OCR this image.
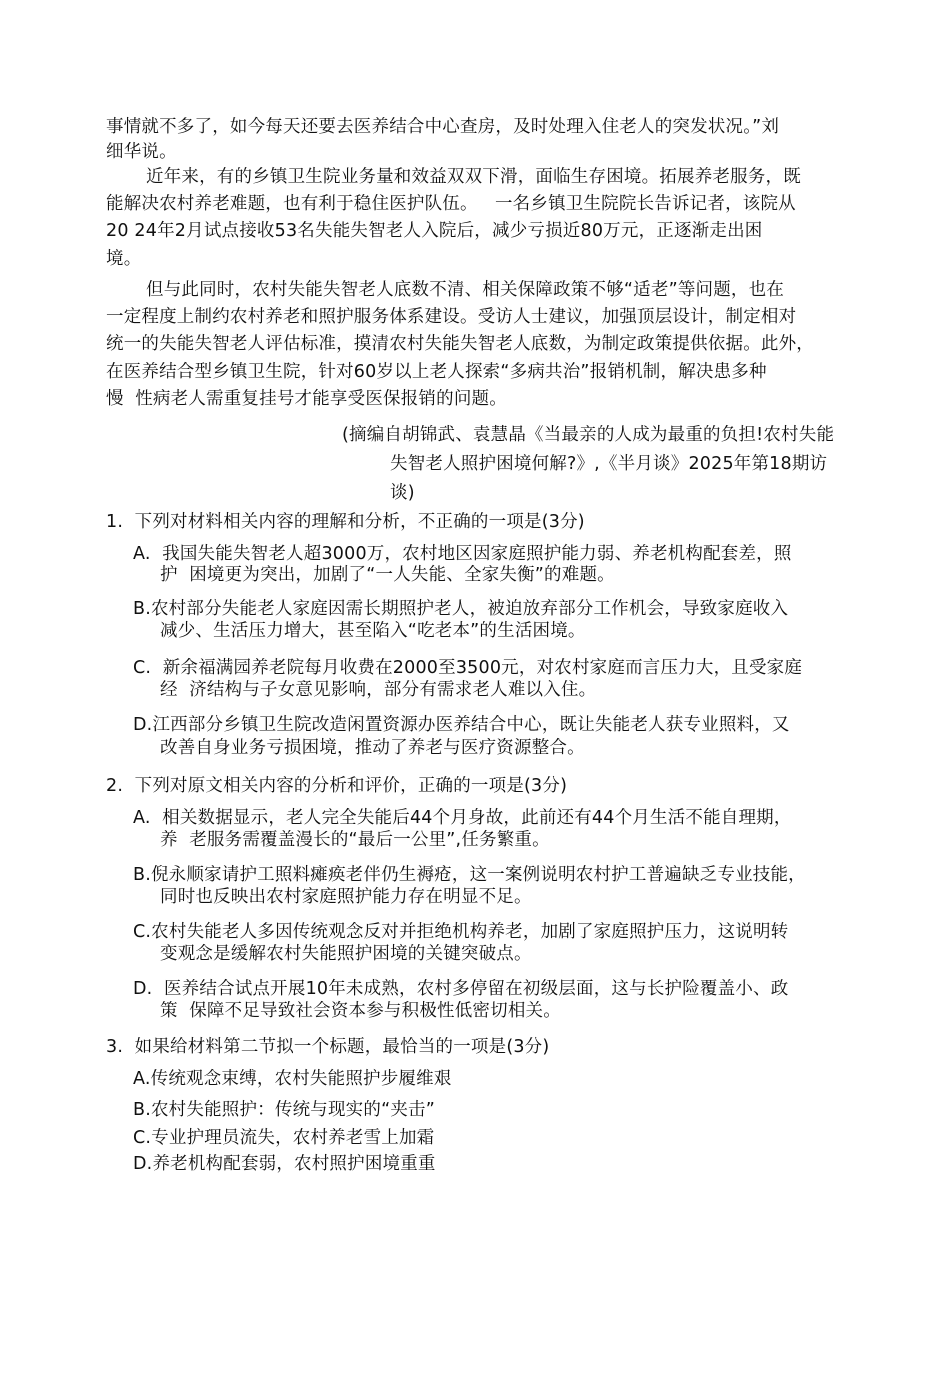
事情就不多了，如今每天还要去医养结合中心查房，及时处理入住老人的突发状况。”刘
细华说。
近年来，有的乡镇卫生院业务量和效益双双下滑，面临生存困境。拓展养老服务，既
能解决农村养老难题，也有利于稳住医护队伍。   一名乡镇卫生院院长告诉记者，该院从
20 24年2月试点接收53名失能失智老人入院后，减少亏损近80万元，正逐渐走出困
境。
但与此同时，农村失能失智老人底数不清、相关保障政策不够“适老”等问题，也在
一定程度上制约农村养老和照护服务体系建设。受访人士建议，加强顶层设计，制定相对
统一的失能失智老人评估标准，摸清农村失能失智老人底数，为制定政策提供依据。此外，
在医养结合型乡镇卫生院，针对60岁以上老人探索“多病共治”报销机制，解决患多种
慢  性病老人需重复挂号才能享受医保报销的问题。
(摘编自胡锦武、袁慧晶《当最亲的人成为最重的负担!农村失能
失智老人照护困境何解?》,《半月谈》2025年第18期访
谈)
1.  下列对材料相关内容的理解和分析，不正确的一项是(3分)
A.  我国失能失智老人超3000万，农村地区因家庭照护能力弱、养老机构配套差，照
护  困境更为突出，加剧了“一人失能、全家失衡”的难题。
B.农村部分失能老人家庭因需长期照护老人，被迫放弃部分工作机会，导致家庭收入
减少、生活压力增大，甚至陷入“吃老本”的生活困境。
C.  新余福满园养老院每月收费在2000至3500元，对农村家庭而言压力大，且受家庭
经  济结构与子女意见影响，部分有需求老人难以入住。
D.江西部分乡镇卫生院改造闲置资源办医养结合中心，既让失能老人获专业照料，又
改善自身业务亏损困境，推动了养老与医疗资源整合。
2.  下列对原文相关内容的分析和评价，正确的一项是(3分)
A.  相关数据显示，老人完全失能后44个月身故，此前还有44个月生活不能自理期，
养  老服务需覆盖漫长的“最后一公里”,任务繁重。
B.倪永顺家请护工照料瘫痪老伴仍生褥疮，这一案例说明农村护工普遍缺乏专业技能，
同时也反映出农村家庭照护能力存在明显不足。
C.农村失能老人多因传统观念反对并拒绝机构养老，加剧了家庭照护压力，这说明转
变观念是缓解农村失能照护困境的关键突破点。
D.  医养结合试点开展10年未成熟，农村多停留在初级层面，这与长护险覆盖小、政
策  保障不足导致社会资本参与积极性低密切相关。
3.  如果给材料第二节拟一个标题，最恰当的一项是(3分)
A.传统观念束缚，农村失能照护步履维艰
B.农村失能照护：传统与现实的“夹击”
C.专业护理员流失，农村养老雪上加霜
D.养老机构配套弱，农村照护困境重重
